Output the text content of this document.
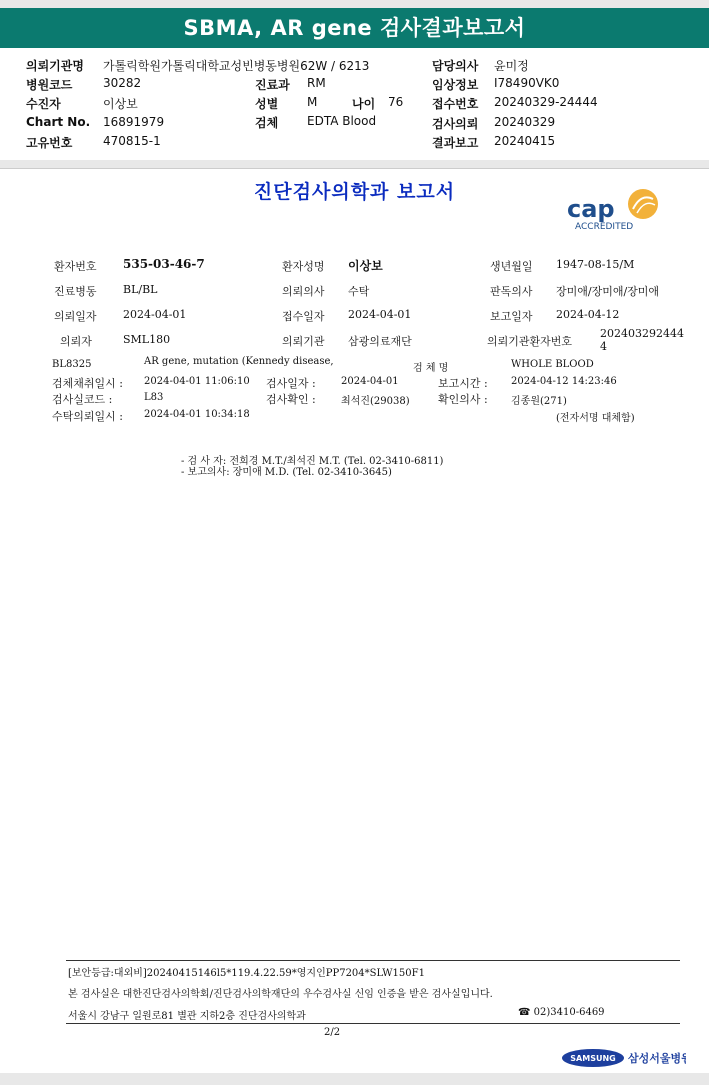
SBMA, AR gene 검사결과보고서
의뢰기관명 가톨릭학원가톨릭대학교성빈병동병원62W / 6213	담당의사 윤미정
병원코드	30282	진료과 RM	임상정보 I78490VK0
수진자	이상보	성별 M	나이 76 접수번호 20240329-24444
Chart No. 16891979	검체 EDTA Blood	검사의뢰 20240329
고유번호	470815-1	결과보고 20240415
진단검사의학과 보고서
cap
ACCREDITED
환자번호 535-03-46-7	환자성명 이상보	생년월일 1947-08-15/M
진료병동 BL/BL	의뢰의사 수탁	판독의사 장미애/장미애/장미애
의뢰일자 2024-04-01	접수일자 2024-04-01	보고일자 2024-04-12
의뢰자	SML180	의뢰기관 삼광의료재단	의뢰기관환자번호
202403292444
4
BL8325	AR gene, mutation (Kennedy disease,
검 체 명	WHOLE BLOOD
검체채취일시 : 2024-04-01 11:06:10 검사일자 :	2024-04-01	보고시간 : 2024-04-12 14:23:46
검사실코드 :	L83	검사확인 :	최석진(29038)	확인의사 : 김종원(271)
수탁의뢰일시 : 2024-04-01 10:34:18	(전자서명 대체함)
- 검 사 자: 전희경 M.T./최석진 M.T. (Tel. 02-3410-6811)
- 보고의사: 장미애 M.D. (Tel. 02-3410-3645)
[보안등급:대외비]20240415146l5*119.4.22.59*영지인PP7204*SLW150F1
본 검사실은 대한진단검사의학회/진단검사의학재단의 우수검사실 신임 인증을 받은 검사실입니다.
서울시 강남구 일원로81 별관 지하2층 진단검사의학과	☎ 02)3410-6469
2/2
SAMSUNG 삼성서울병원
